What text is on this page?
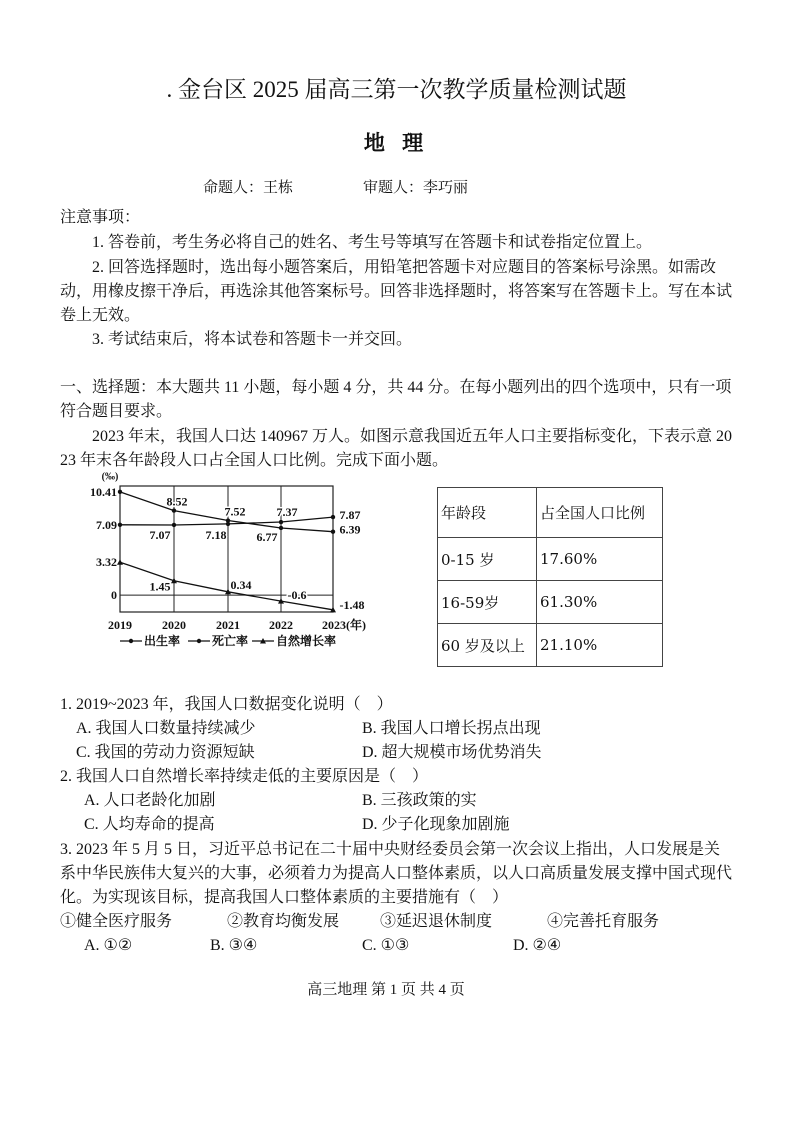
. 金台区 2025 届高三第一次教学质量检测试题
地 理
命题人：王栋	审题人：李巧丽
注意事项：
1. 答卷前，考生务必将自己的姓名、考生号等填写在答题卡和试卷指定位置上。
2. 回答选择题时，选出每小题答案后，用铅笔把答题卡对应题目的答案标号涂黑。如需改
动，用橡皮擦干净后，再选涂其他答案标号。回答非选择题时，将答案写在答题卡上。写在本试
卷上无效。
3. 考试结束后，将本试卷和答题卡一并交回。
一、选择题：本大题共 11 小题，每小题 4 分，共 44 分。在每小题列出的四个选项中，只有一项
符合题目要求。
2023 年末，我国人口达 140967 万人。如图示意我国近五年人口主要指标变化，下表示意 20
23 年末各年龄段人口占全国人口比例。完成下面小题。
(‰)
10.41
7.09
3.32
0
2019	2020	2021 2022 2023(年)
8.52
7.52
6.77
6.39
7.07	7.18
7.37	7.87
1.45	0.34
-0.6
-1.48
出生率	死亡率 自然增长率
年龄段	占全国人口比例
0-15 岁	17.60%
16-59岁	61.30%
60 岁及以上	21.10%
1. 2019~2023 年，我国人口数据变化说明（　）
A. 我国人口数量持续减少	B. 我国人口增长拐点出现
C. 我国的劳动力资源短缺	D. 超大规模市场优势消失
2. 我国人口自然增长率持续走低的主要原因是（　）
A. 人口老龄化加剧	B. 三孩政策的实
C. 人均寿命的提高	D. 少子化现象加剧施
3. 2023 年 5 月 5 日，习近平总书记在二十届中央财经委员会第一次会议上指出，人口发展是关
系中华民族伟大复兴的大事，必须着力为提高人口整体素质，以人口高质量发展支撑中国式现代
化。为实现该目标，提高我国人口整体素质的主要措施有（　）
①健全医疗服务	②教育均衡发展	③延迟退休制度	④完善托育服务
A. ①②	B. ③④	C. ①③	D. ②④
高三地理 第 1 页 共 4 页
